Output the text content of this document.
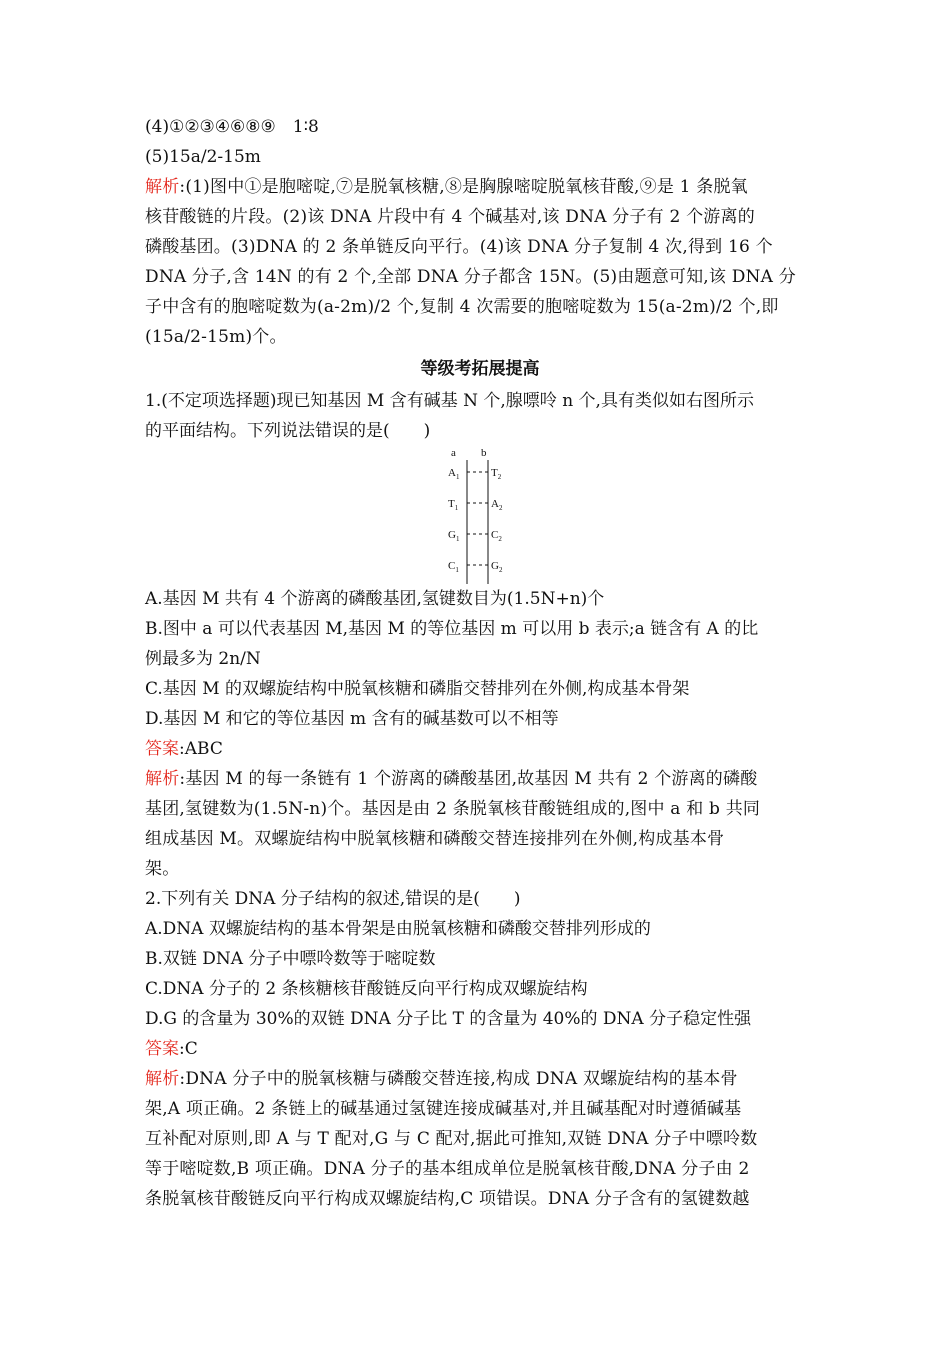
(4)①②③④⑥⑧⑨　1∶8
(5)15a/2-15m
解析:(1)图中①是胞嘧啶,⑦是脱氧核糖,⑧是胸腺嘧啶脱氧核苷酸,⑨是 1 条脱氧
核苷酸链的片段。(2)该 DNA 片段中有 4 个碱基对,该 DNA 分子有 2 个游离的
磷酸基团。(3)DNA 的 2 条单链反向平行。(4)该 DNA 分子复制 4 次,得到 16 个
DNA 分子,含 14N 的有 2 个,全部 DNA 分子都含 15N。(5)由题意可知,该 DNA 分
子中含有的胞嘧啶数为(a-2m)/2 个,复制 4 次需要的胞嘧啶数为 15(a-2m)/2 个,即
(15a/2-15m)个。
等级考拓展提高
1.(不定项选择题)现已知基因 M 含有碱基 N 个,腺嘌呤 n 个,具有类似如右图所示
的平面结构。下列说法错误的是(　　)
a b
$A_1$	$T_2$
$T_1$	$A_2$
$G_1$	$C_2$
$C_1$	$G_2$
A.基因 M 共有 4 个游离的磷酸基团,氢键数目为(1.5N+n)个
B.图中 a 可以代表基因 M,基因 M 的等位基因 m 可以用 b 表示;a 链含有 A 的比
例最多为 2n/N
C.基因 M 的双螺旋结构中脱氧核糖和磷脂交替排列在外侧,构成基本骨架
D.基因 M 和它的等位基因 m 含有的碱基数可以不相等
答案:ABC
解析:基因 M 的每一条链有 1 个游离的磷酸基团,故基因 M 共有 2 个游离的磷酸
基团,氢键数为(1.5N-n)个。基因是由 2 条脱氧核苷酸链组成的,图中 a 和 b 共同
组成基因 M。双螺旋结构中脱氧核糖和磷酸交替连接排列在外侧,构成基本骨
架。
2.下列有关 DNA 分子结构的叙述,错误的是(　　)
A.DNA 双螺旋结构的基本骨架是由脱氧核糖和磷酸交替排列形成的
B.双链 DNA 分子中嘌呤数等于嘧啶数
C.DNA 分子的 2 条核糖核苷酸链反向平行构成双螺旋结构
D.G 的含量为 30%的双链 DNA 分子比 T 的含量为 40%的 DNA 分子稳定性强
答案:C
解析:DNA 分子中的脱氧核糖与磷酸交替连接,构成 DNA 双螺旋结构的基本骨
架,A 项正确。2 条链上的碱基通过氢键连接成碱基对,并且碱基配对时遵循碱基
互补配对原则,即 A 与 T 配对,G 与 C 配对,据此可推知,双链 DNA 分子中嘌呤数
等于嘧啶数,B 项正确。DNA 分子的基本组成单位是脱氧核苷酸,DNA 分子由 2
条脱氧核苷酸链反向平行构成双螺旋结构,C 项错误。DNA 分子含有的氢键数越
